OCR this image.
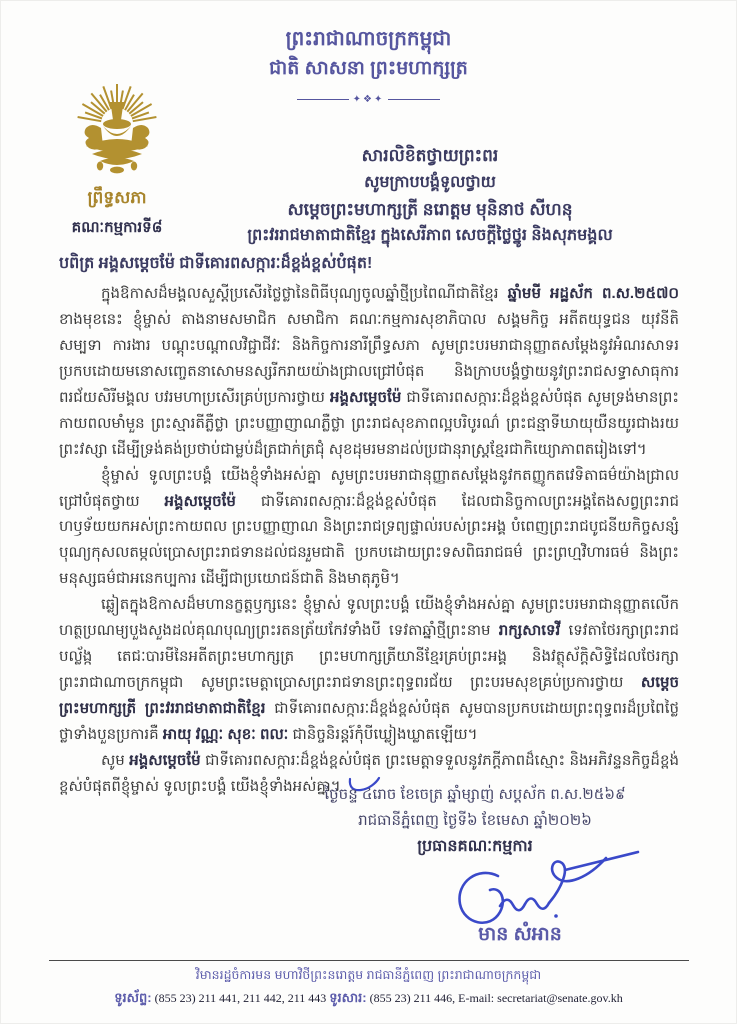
ព្រះរាជាណាចក្រកម្ពុជា
ជាតិ សាសនា ព្រះមហាក្សត្រ
✦❖✦
ព្រឹទ្ធសភា
គណៈកម្មការទី៨
សារលិខិតថ្វាយព្រះពរ
សូមក្រាបបង្គំទូលថ្វាយ
សម្ដេចព្រះមហាក្សត្រី នរោត្ដម មុនិនាថ សីហនុ
ព្រះវររាជមាតាជាតិខ្មែរ ក្នុងសេរីភាព សេចក្ដីថ្លៃថ្នូរ និងសុភមង្គល
បពិត្រ អង្គសម្ដេចម៉ែ ជាទីគោរពសក្ការៈដ៏ខ្ពង់ខ្ពស់បំផុត!

ក្នុងឱកាសដ៏មង្គលសួស្ដីប្រសើរថ្លៃថ្លានៃពិធីបុណ្យចូលឆ្នាំថ្មីប្រពៃណីជាតិខ្មែរ ឆ្នាំមមី អដ្ឋស័ក ព.ស.២៥៧០ ខាងមុខនេះ ខ្ញុំម្ចាស់ តាងនាមសមាជិក សមាជិកា គណៈកម្មការសុខាភិបាល សង្គមកិច្ច អតីតយុទ្ធជន យុវនីតិសម្បទា ការងារ បណ្ដុះបណ្ដាលវិជ្ជាជីវៈ និងកិច្ចការនារីព្រឹទ្ធសភា សូមព្រះបរមរាជានុញ្ញាតសម្ដែងនូវអំណរសាទរប្រកបដោយមនោសញ្ចេតនាសោមនស្សរីករាយយ៉ាងជ្រាលជ្រៅបំផុត និងក្រាបបង្គំថ្វាយនូវព្រះរាជសទ្ធាសាធុការពរជ័យសិរីមង្គល បវរមហាប្រសើរគ្រប់ប្រការថ្វាយ អង្គសម្ដេចម៉ែ ជាទីគោរពសក្ការៈដ៏ខ្ពង់ខ្ពស់បំផុត សូមទ្រង់មានព្រះកាយពលមាំមួន ព្រះស្មារតីភ្លឺថ្លា ព្រះបញ្ញាញាណភ្លឺថ្លា ព្រះរាជសុខភាពល្អបរិបូរណ៌ ព្រះជន្មាទីឃាយុយឺនយូរជាងរយព្រះវស្សា ដើម្បីទ្រង់គង់ប្រថាប់ជាម្លប់ដ៏ត្រជាក់ត្រជុំ សុខដុមរមនាដល់ប្រជានុរាស្ត្រខ្មែរជាកិយ្យោភាពតរៀងទៅ។

ខ្ញុំម្ចាស់ ទូលព្រះបង្គំ យើងខ្ញុំទាំងអស់គ្នា សូមព្រះបរមរាជានុញ្ញាតសម្ដែងនូវកតញ្ញូកតវេទិតាធម៌យ៉ាងជ្រាលជ្រៅបំផុតថ្វាយ អង្គសម្ដេចម៉ែ ជាទីគោរពសក្ការៈដ៏ខ្ពង់ខ្ពស់បំផុត ដែលជានិច្ចកាលព្រះអង្គតែងសព្វព្រះរាជហឫទ័យយកអស់ព្រះកាយពល ព្រះបញ្ញាញាណ និងព្រះរាជទ្រព្យផ្ទាល់របស់ព្រះអង្គ បំពេញព្រះរាជបូជនីយកិច្ចសន្សំបុណ្យកុសលតម្កល់ប្រោសព្រះរាជទានដល់ជនរួមជាតិ ប្រកបដោយព្រះទសពិធរាជធម៌ ព្រះព្រហ្មវិហារធម៌ និងព្រះមនុស្សធម៌ជាអនេកប្បការ ដើម្បីជាប្រយោជន៍ជាតិ និងមាតុភូមិ។

ឆ្លៀតក្នុងឱកាសដ៏មហានក្ខត្តឫក្សនេះ ខ្ញុំម្ចាស់ ទូលព្រះបង្គំ យើងខ្ញុំទាំងអស់គ្នា សូមព្រះបរមរាជានុញ្ញាតលើកហត្ថប្រណម្យបួងសួងដល់គុណបុណ្យព្រះរតនត្រ័យកែវទាំងបី ទេវតាឆ្នាំថ្មីព្រះនាម រាក្សសាទេវី ទេវតាថែរក្សាព្រះរាជបល្ល័ង្ក តេជៈបារមីនៃអតីតព្រះមហាក្សត្រ ព្រះមហាក្សត្រីយានីខ្មែរគ្រប់ព្រះអង្គ និងវត្ថុស័ក្ដិសិទ្ធិដែលថែរក្សាព្រះរាជាណាចក្រកម្ពុជា សូមព្រះមេត្តាប្រោសព្រះរាជទានព្រះពុទ្ធពរជ័យ ព្រះបរមសុខគ្រប់ប្រការថ្វាយ សម្ដេចព្រះមហាក្សត្រី ព្រះវររាជមាតាជាតិខ្មែរ ជាទីគោរពសក្ការៈដ៏ខ្ពង់ខ្ពស់បំផុត សូមបានប្រកបដោយព្រះពុទ្ធពរដ៏ប្រពៃថ្លៃថ្លាទាំងបួនប្រការគឺ អាយុ វណ្ណៈ សុខៈ ពលៈ ជានិច្ចនិរន្តរ៍កុំបីឃ្លៀងឃ្លាតឡើយ។

សូម អង្គសម្ដេចម៉ែ ជាទីគោរពសក្ការៈដ៏ខ្ពង់ខ្ពស់បំផុត ព្រះមេត្តាទទួលនូវភក្ដីភាពដ៏ស្មោះ និងអភិវន្ទនកិច្ចដ៏ខ្ពង់ខ្ពស់បំផុតពីខ្ញុំម្ចាស់ ទូលព្រះបង្គំ យើងខ្ញុំទាំងអស់គ្នា។

ថ្ងៃចន្ទ ៤រោច ខែចេត្រ ឆ្នាំម្សាញ់ សប្តស័ក ព.ស.២៥៦៩
រាជធានីភ្នំពេញ ថ្ងៃទី៦ ខែមេសា ឆ្នាំ២០២៦
ប្រធានគណៈកម្មការ
មាន សំអាន
វិមានរដ្ឋចំការមន មហាវិថីព្រះនរោត្តម រាជធានីភ្នំពេញ ព្រះរាជាណាចក្រកម្ពុជា
ទូរស័ព្ទ: (855 23) 211 441, 211 442, 211 443 ទូរសារ: (855 23) 211 446, E-mail: secretariat@senate.gov.kh
